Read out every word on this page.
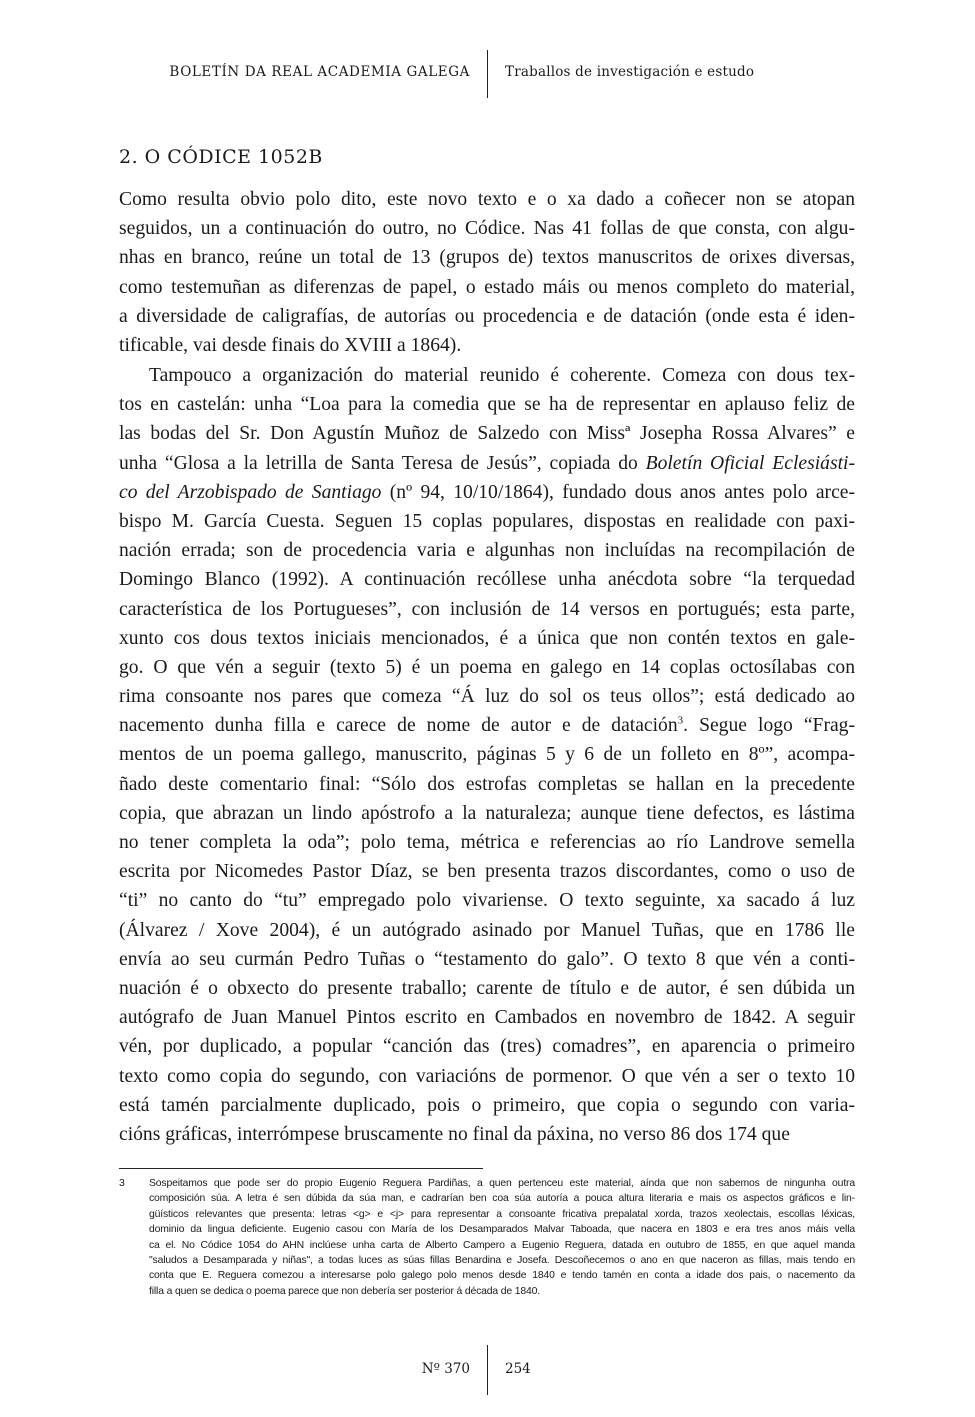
BOLETÍN DA REAL ACADEMIA GALEGA	Traballos de investigación e estudo
2. O CÓDICE 1052B
Como resulta obvio polo dito, este novo texto e o xa dado a coñecer non se atopan
seguidos, un a continuación do outro, no Códice. Nas 41 follas de que consta, con algu-
nhas en branco, reúne un total de 13 (grupos de) textos manuscritos de orixes diversas,
como testemuñan as diferenzas de papel, o estado máis ou menos completo do material,
a diversidade de caligrafías, de autorías ou procedencia e de datación (onde esta é iden-
tificable, vai desde finais do XVIII a 1864).
Tampouco a organización do material reunido é coherente. Comeza con dous tex-
tos en castelán: unha “Loa para la comedia que se ha de representar en aplauso feliz de
las bodas del Sr. Don Agustín Muñoz de Salzedo con Missª Josepha Rossa Alvares” e
unha “Glosa a la letrilla de Santa Teresa de Jesús”, copiada do Boletín Oficial Eclesiásti-
co del Arzobispado de Santiago (nº 94, 10/10/1864), fundado dous anos antes polo arce-
bispo M. García Cuesta. Seguen 15 coplas populares, dispostas en realidade con paxi-
nación errada; son de procedencia varia e algunhas non incluídas na recompilación de
Domingo Blanco (1992). A continuación recóllese unha anécdota sobre “la terquedad
característica de los Portugueses”, con inclusión de 14 versos en portugués; esta parte,
xunto cos dous textos iniciais mencionados, é a única que non contén textos en gale-
go. O que vén a seguir (texto 5) é un poema en galego en 14 coplas octosílabas con
rima consoante nos pares que comeza “Á luz do sol os teus ollos”; está dedicado ao
nacemento dunha filla e carece de nome de autor e de datación$^3$. Segue logo “Frag-
mentos de un poema gallego, manuscrito, páginas 5 y 6 de un folleto en 8º”, acompa-
ñado deste comentario final: “Sólo dos estrofas completas se hallan en la precedente
copia, que abrazan un lindo apóstrofo a la naturaleza; aunque tiene defectos, es lástima
no tener completa la oda”; polo tema, métrica e referencias ao río Landrove semella
escrita por Nicomedes Pastor Díaz, se ben presenta trazos discordantes, como o uso de
“ti” no canto do “tu” empregado polo vivariense. O texto seguinte, xa sacado á luz
(Álvarez / Xove 2004), é un autógrado asinado por Manuel Tuñas, que en 1786 lle
envía ao seu curmán Pedro Tuñas o “testamento do galo”. O texto 8 que vén a conti-
nuación é o obxecto do presente traballo; carente de título e de autor, é sen dúbida un
autógrafo de Juan Manuel Pintos escrito en Cambados en novembro de 1842. A seguir
vén, por duplicado, a popular “canción das (tres) comadres”, en aparencia o primeiro
texto como copia do segundo, con variacións de pormenor. O que vén a ser o texto 10
está tamén parcialmente duplicado, pois o primeiro, que copia o segundo con varia-
cións gráficas, interrómpese bruscamente no final da páxina, no verso 86 dos 174 que
3 Sospeitamos que pode ser do propio Eugenio Reguera Pardiñas, a quen pertenceu este material, aínda que non sabemos de ningunha outra
composición súa. A letra é sen dúbida da súa man, e cadrarían ben coa súa autoría a pouca altura literaria e mais os aspectos gráficos e lin-
güísticos relevantes que presenta: letras <g> e <j> para representar a consoante fricativa prepalatal xorda, trazos xeolectais, escollas léxicas,
dominio da lingua deficiente. Eugenio casou con María de los Desamparados Malvar Taboada, que nacera en 1803 e era tres anos máis vella
ca el. No Códice 1054 do AHN inclúese unha carta de Alberto Campero a Eugenio Reguera, datada en outubro de 1855, en que aquel manda
"saludos a Desamparada y niñas", a todas luces as súas fillas Benardina e Josefa. Descoñecemos o ano en que naceron as fillas, mais tendo en
conta que E. Reguera comezou a interesarse polo galego polo menos desde 1840 e tendo tamén en conta a idade dos pais, o nacemento da
filla a quen se dedica o poema parece que non debería ser posterior á década de 1840.
Nº 370	254
